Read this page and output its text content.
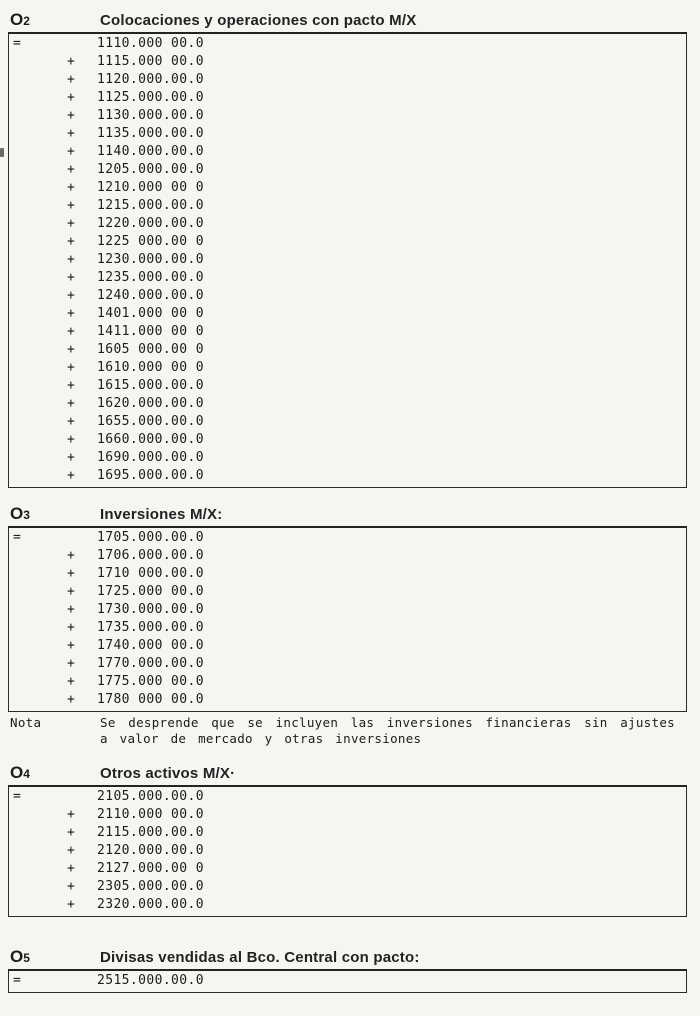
O2	Colocaciones y operaciones con pacto M/X
=	1110.000 00.0
+	1115.000 00.0
+	1120.000.00.0
+	1125.000.00.0
+	1130.000.00.0
+	1135.000.00.0
+	1140.000.00.0
+	1205.000.00.0
+	1210.000 00 0
+	1215.000.00.0
+	1220.000.00.0
+	1225 000.00 0
+	1230.000.00.0
+	1235.000.00.0
+	1240.000.00.0
+	1401.000 00 0
+	1411.000 00 0
+	1605 000.00 0
+	1610.000 00 0
+	1615.000.00.0
+	1620.000.00.0
+	1655.000.00.0
+	1660.000.00.0
+	1690.000.00.0
+	1695.000.00.0
O3	Inversiones M/X:
=	1705.000.00.0
+	1706.000.00.0
+	1710 000.00.0
+	1725.000 00.0
+	1730.000.00.0
+	1735.000.00.0
+	1740.000 00.0
+	1770.000.00.0
+	1775.000 00.0
+	1780 000 00.0
Nota	Se desprende que se incluyen las inversiones financieras sin ajustes a valor de mercado y otras inversiones
O4	Otros activos M/X·
=	2105.000.00.0
+	2110.000 00.0
+	2115.000.00.0
+	2120.000.00.0
+	2127.000.00 0
+	2305.000.00.0
+	2320.000.00.0
O5	Divisas vendidas al Bco. Central con pacto:
=	2515.000.00.0
